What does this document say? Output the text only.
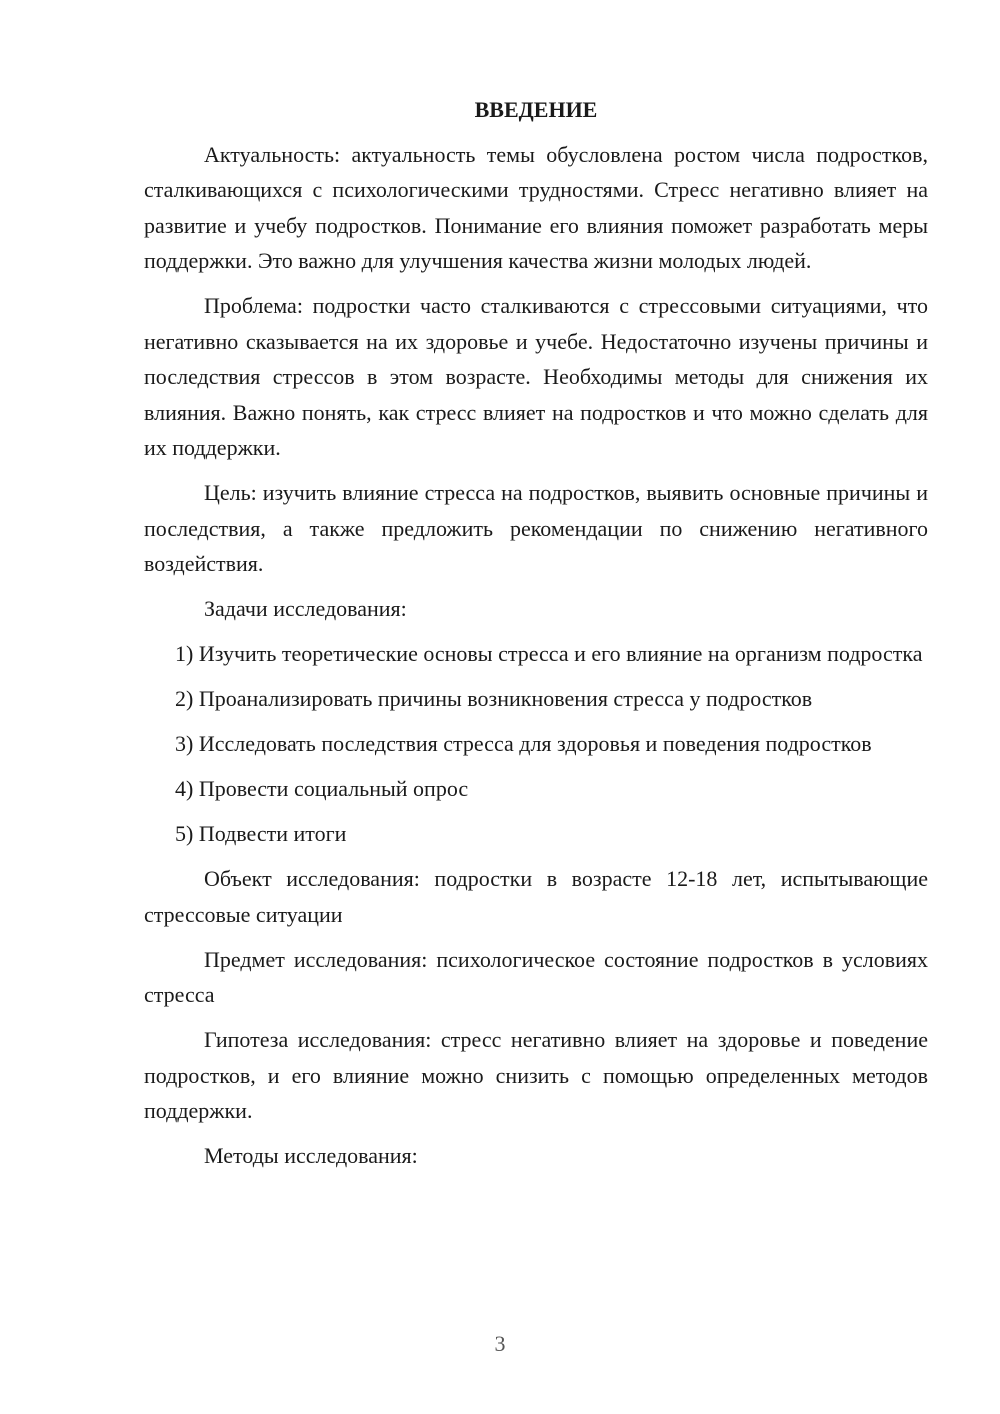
ВВЕДЕНИЕ

Актуальность: актуальность темы обусловлена ростом числа подростков, сталкивающихся с психологическими трудностями. Стресс негативно влияет на развитие и учебу подростков. Понимание его влияния поможет разработать меры поддержки. Это важно для улучшения качества жизни молодых людей.

Проблема: подростки часто сталкиваются с стрессовыми ситуациями, что негативно сказывается на их здоровье и учебе. Недостаточно изучены причины и последствия стрессов в этом возрасте. Необходимы методы для снижения их влияния. Важно понять, как стресс влияет на подростков и что можно сделать для их поддержки.

Цель: изучить влияние стресса на подростков, выявить основные причины и последствия, а также предложить рекомендации по снижению негативного воздействия.

Задачи исследования:

1) Изучить теоретические основы стресса и его влияние на организм подростка

2) Проанализировать причины возникновения стресса у подростков

3) Исследовать последствия стресса для здоровья и поведения подростков

4) Провести социальный опрос

5) Подвести итоги

Объект исследования: подростки в возрасте 12-18 лет, испытывающие стрессовые ситуации

Предмет исследования: психологическое состояние подростков в условиях стресса

Гипотеза исследования: стресс негативно влияет на здоровье и поведение подростков, и его влияние можно снизить с помощью определенных методов поддержки.

Методы исследования:

3
